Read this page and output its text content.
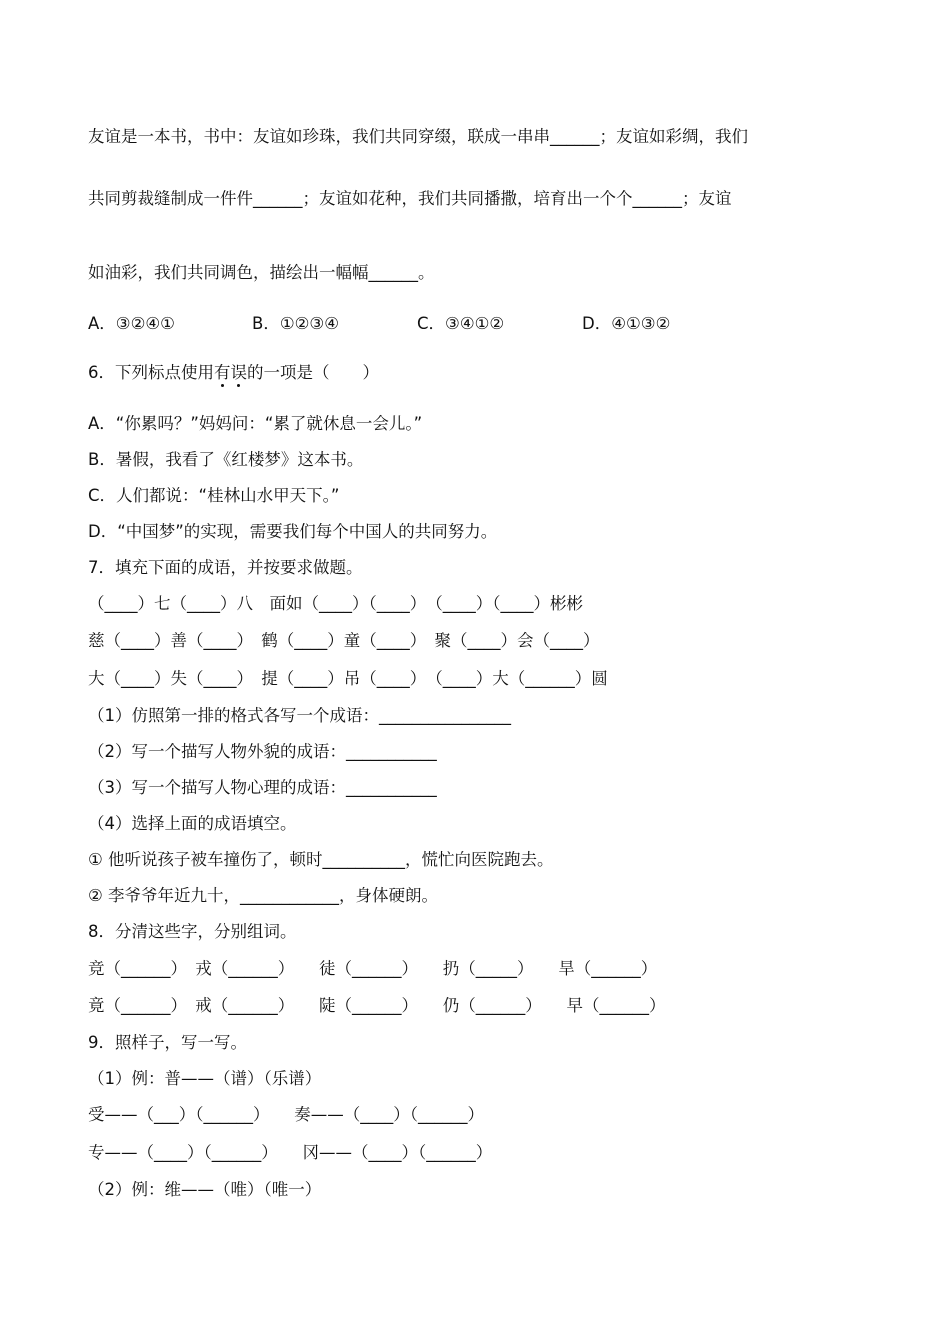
友谊是一本书，书中：友谊如珍珠，我们共同穿缀，联成一串串______；友谊如彩绸，我们
共同剪裁缝制成一件件______；友谊如花种，我们共同播撒，培育出一个个______；友谊
如油彩，我们共同调色，描绘出一幅幅______。
A．③②④①	B．①②③④	C．③④①②	D．④①③②
6．下列标点使用有误的一项是（　　）
A．“你累吗？”妈妈问：“累了就休息一会儿。”
B．暑假，我看了《红楼梦》这本书。
C．人们都说：“桂林山水甲天下。”
D．“中国梦”的实现，需要我们每个中国人的共同努力。
7．填充下面的成语，并按要求做题。
（____）七（____）八　面如（____）（____）　（____）（____）彬彬
慈（____）善（____）　鹤（____）童（____）　聚（____）会（____）
大（____）失（____）　提（____）吊（____）　（____）大（______）圆
（1）仿照第一排的格式各写一个成语：________________
（2）写一个描写人物外貌的成语：___________
（3）写一个描写人物心理的成语：___________
（4）选择上面的成语填空。
① 他听说孩子被车撞伤了，顿时__________，慌忙向医院跑去。
② 李爷爷年近九十，____________，身体硬朗。
8．分清这些字，分别组词。
竞（______）　戎（______）　　徒（______）　　扔（_____）　　旱（______）
竟（______）　戒（______）　　陡（______）　　仍（______）　　早（______）
9．照样子，写一写。
（1）例：普——（谱）（乐谱）
受——（___）（______）　　奏——（____）（______）
专——（____）（______）　　冈——（____）（______）
（2）例：维——（唯）（唯一）
